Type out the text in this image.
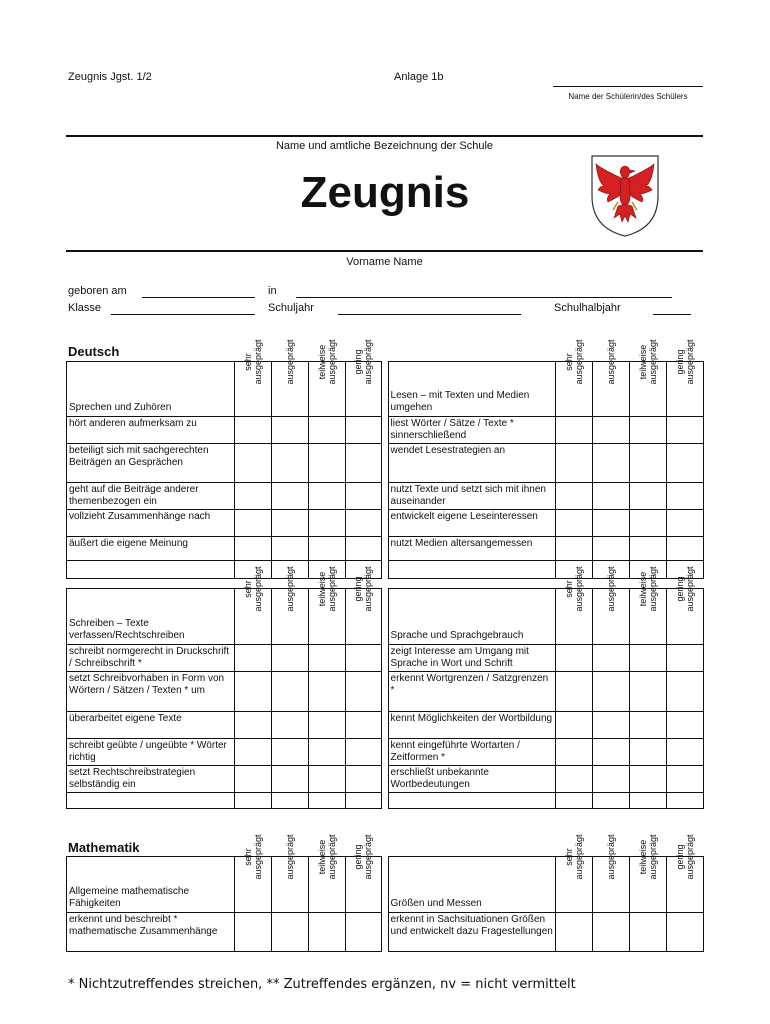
Zeugnis Jgst. 1/2	Anlage 1b
Name der Schülerin/des Schülers
Name und amtliche Bezeichnung der Schule
Zeugnis
Vorname Name
geboren am	in
Klasse	Schuljahr	Schulhalbjahr
Deutsch
Sprechen und Zuhören	sehr ausgeprägt	ausgeprägt	teilweise ausgeprägt	gering ausgeprägt		Lesen – mit Texten und Medien umgehen	sehr ausgeprägt	ausgeprägt	teilweise ausgeprägt	gering ausgeprägt

hört anderen aufmerksam zu						liest Wörter / Sätze / Texte * sinnerschließend				
beteiligt sich mit sachgerechten Beiträgen an Gesprächen						wendet Lesestrategien an				
geht auf die Beiträge anderer themenbezogen ein						nutzt Texte und setzt sich mit ihnen auseinander				
vollzieht Zusammenhänge nach						entwickelt eigene Leseinteressen				
äußert die eigene Meinung						nutzt Medien altersangemessen				

Schreiben – Texte verfassen/Rechtschreiben	sehr ausgeprägt	ausgeprägt	teilweise ausgeprägt	gering ausgeprägt		Sprache und Sprachgebrauch	sehr ausgeprägt	ausgeprägt	teilweise ausgeprägt	gering ausgeprägt

schreibt normgerecht in Druckschrift / Schreibschrift *						zeigt Interesse am Umgang mit Sprache in Wort und Schrift				
setzt Schreibvorhaben in Form von Wörtern / Sätzen / Texten * um						erkennt Wortgrenzen / Satzgrenzen *				
überarbeitet eigene Texte						kennt Möglichkeiten der Wortbildung				
schreibt geübte / ungeübte * Wörter richtig						kennt eingeführte Wortarten / Zeitformen *				
setzt Rechtschreibstrategien selbständig ein						erschließt unbekannte Wortbedeutungen				

Mathematik
Allgemeine mathematische Fähigkeiten	sehr ausgeprägt	ausgeprägt	teilweise ausgeprägt	gering ausgeprägt		Größen und Messen	sehr ausgeprägt	ausgeprägt	teilweise ausgeprägt	gering ausgeprägt

erkennt und beschreibt * mathematische Zusammenhänge						erkennt in Sachsituationen Größen und entwickelt dazu Fragestellungen				
* Nichtzutreffendes streichen, ** Zutreffendes ergänzen, nv = nicht vermittelt
